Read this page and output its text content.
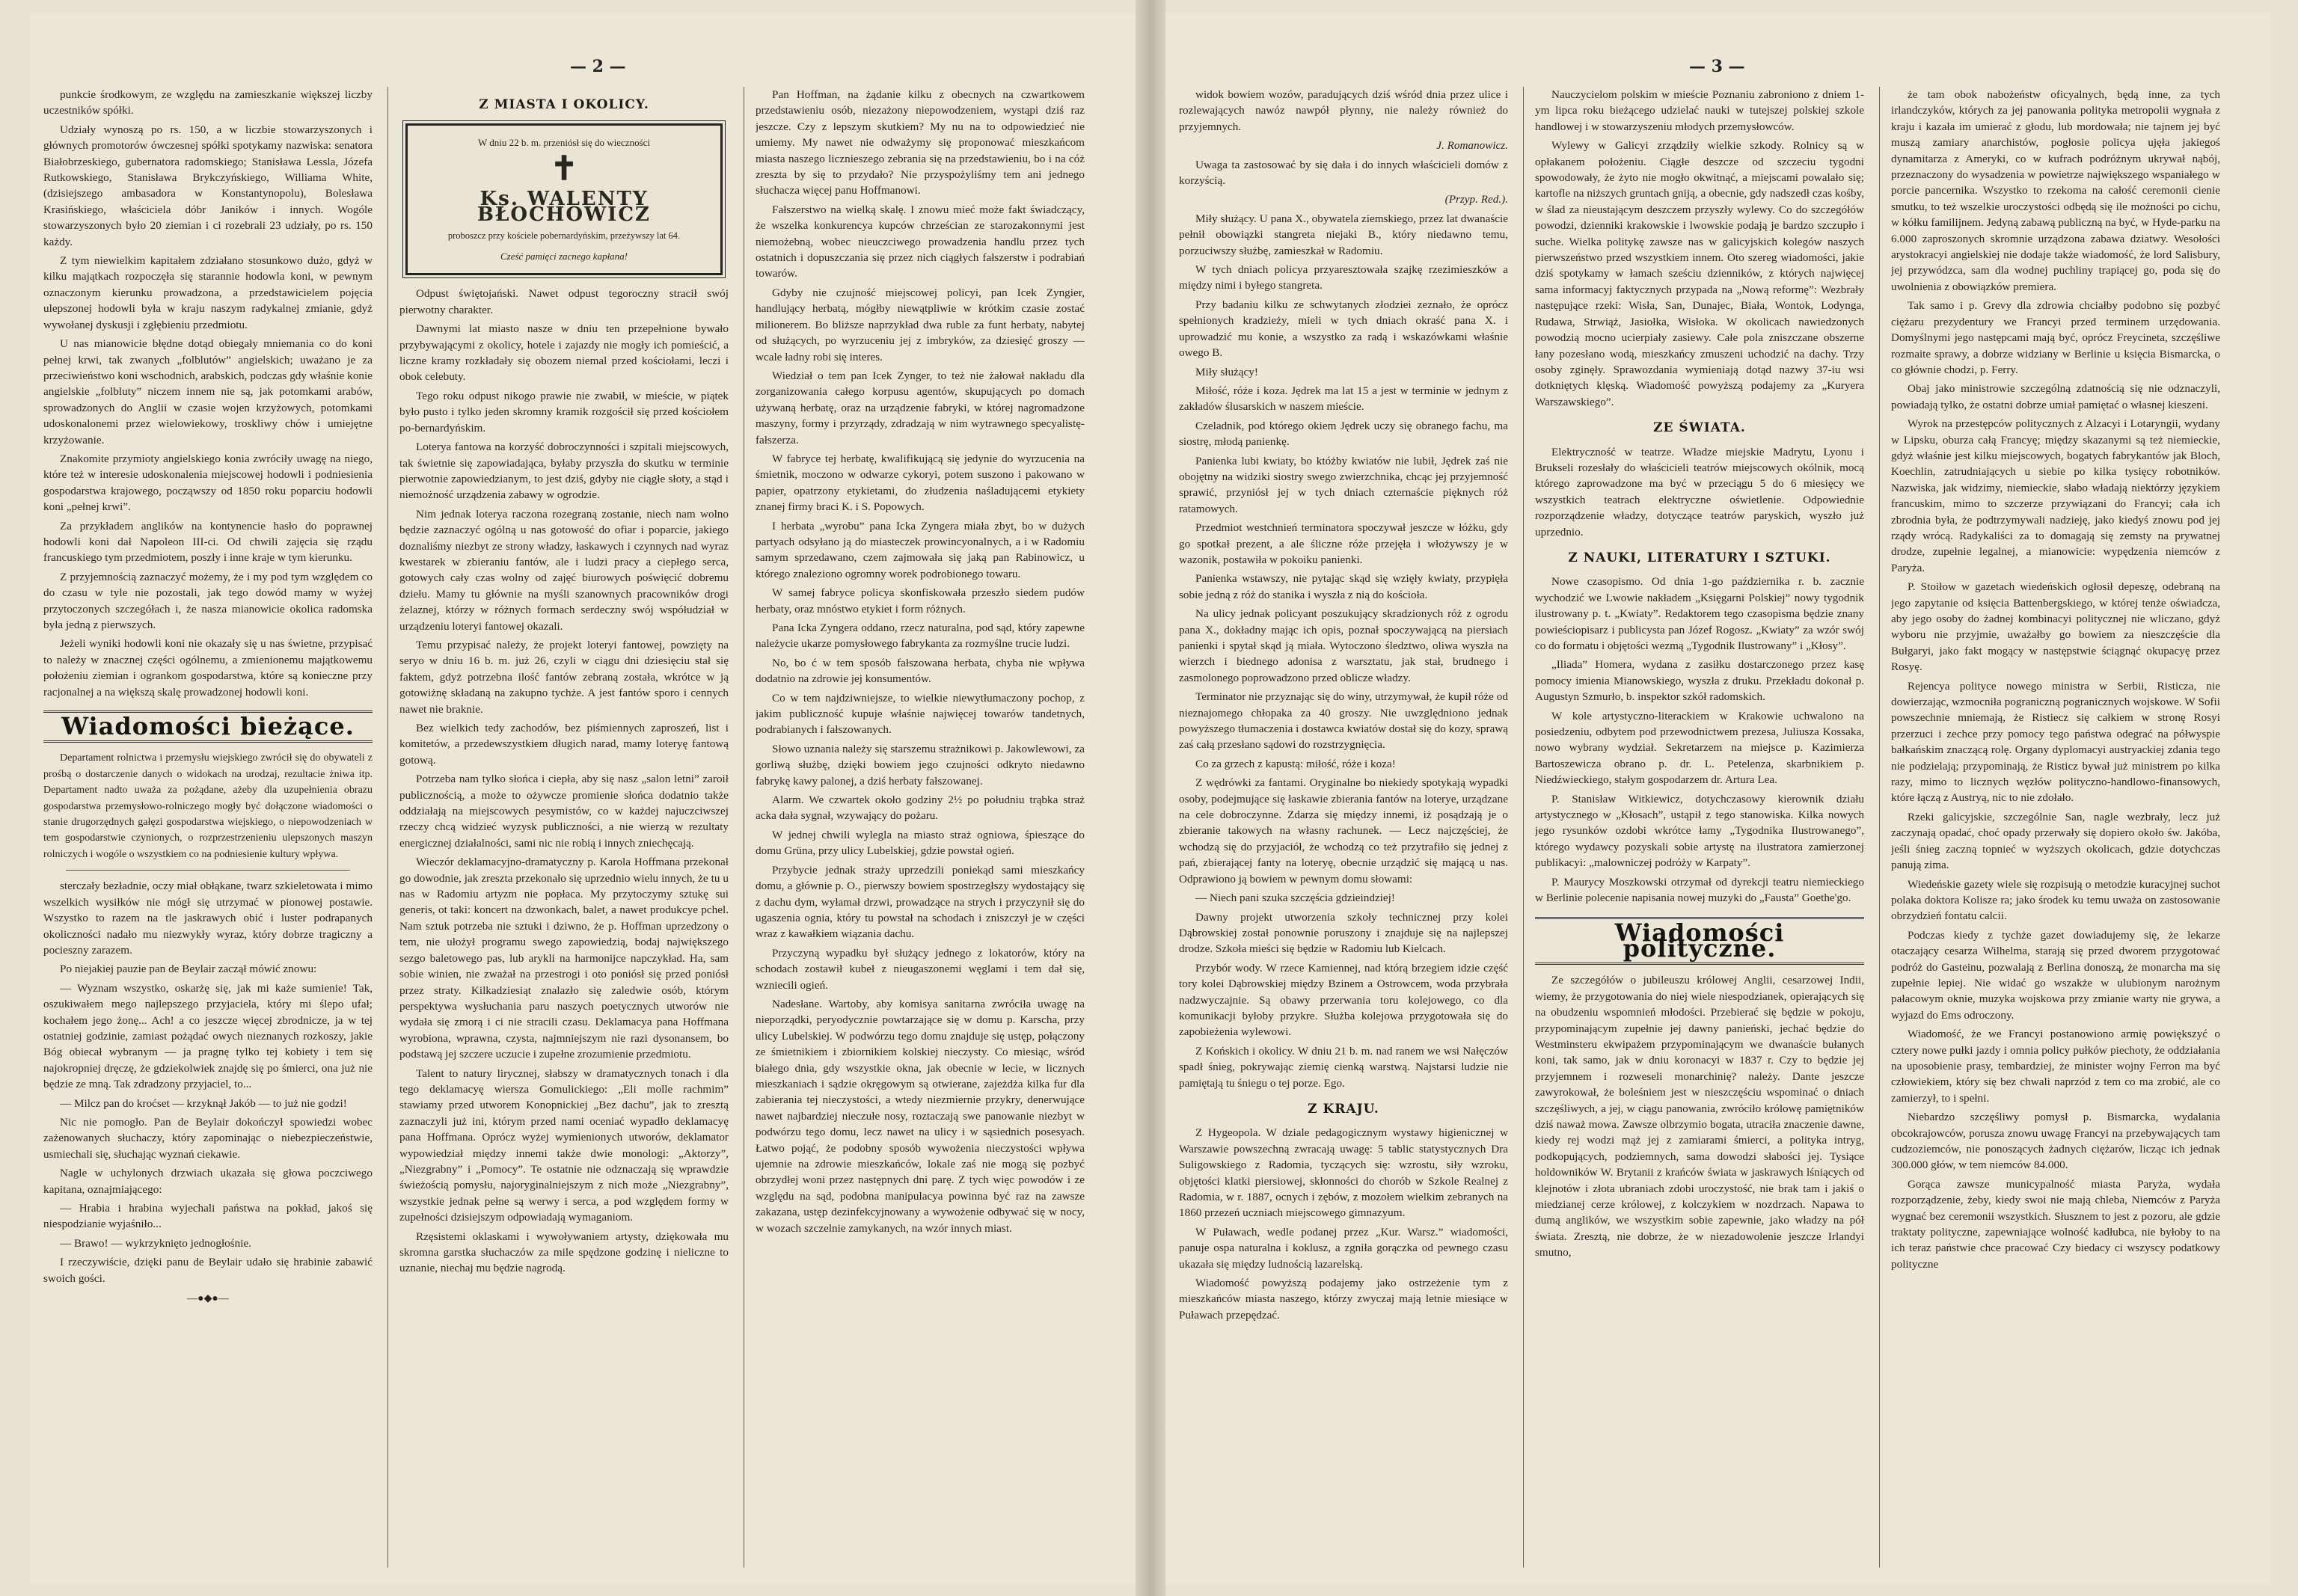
— 2 —

punkcie środkowym, ze względu na zamieszkanie większej liczby uczestników spółki.

Udziały wynoszą po rs. 150, a w liczbie stowarzyszonych i głównych promotorów ówczesnej spółki spotykamy nazwiska: senatora Białobrzeskiego, gubernatora radomskiego; Stanisława Lessla, Józefa Rutkowskiego, Stanisława Brykczyńskiego, Williama White, (dzisiejszego ambasadora w Konstantynopolu), Bolesława Krasińskiego, właściciela dóbr Janików i innych. Wogóle stowarzyszonych było 20 ziemian i ci rozebrali 23 udziały, po rs. 150 każdy.

Z tym niewielkim kapitałem zdziałano stosunkowo dużo, gdyż w kilku majątkach rozpoczęła się starannie hodowla koni, w pewnym oznaczonym kierunku prowadzona, a przedstawicielem pojęcia ulepszonej hodowli była w kraju naszym radykalnej zmianie, gdyż wywołanej dyskusji i zgłębieniu przedmiotu.

U nas mianowicie błędne dotąd obiegały mniemania co do koni pełnej krwi, tak zwanych „folblutów” angielskich; uważano je za przeciwieństwo koni wschodnich, arabskich, podczas gdy właśnie konie angielskie „folbluty” niczem innem nie są, jak potomkami arabów, sprowadzonych do Anglii w czasie wojen krzyżowych, potomkami udoskonalonemi przez wielowiekowy, troskliwy chów i umiejętne krzyżowanie.

Znakomite przymioty angielskiego konia zwróciły uwagę na niego, które też w interesie udoskonalenia miejscowej hodowli i podniesienia gospodarstwa krajowego, począwszy od 1850 roku poparciu hodowli koni „pełnej krwi”.

Za przykładem anglików na kontynencie hasło do poprawnej hodowli koni dał Napoleon III-ci. Od chwili zajęcia się rządu francuskiego tym przedmiotem, poszły i inne kraje w tym kierunku.

Z przyjemnością zaznaczyć możemy, że i my pod tym względem co do czasu w tyle nie pozostali, jak tego dowód mamy w wyżej przytoczonych szczegółach i, że nasza mianowicie okolica radomska była jedną z pierwszych.

Jeżeli wyniki hodowli koni nie okazały się u nas świetne, przypisać to należy w znacznej części ogólnemu, a zmienionemu majątkowemu położeniu ziemian i ogrankom gospodarstwa, które są konieczne przy racjonalnej a na większą skalę prowadzonej hodowli koni.

Wiadomości bieżące.

Departament rolnictwa i przemysłu wiejskiego zwrócił się do obywateli z prośbą o dostarczenie danych o widokach na urodzaj, rezultacie żniwa itp. Departament nadto uważa za pożądane, ażeby dla uzupełnienia obrazu gospodarstwa przemysłowo-rolniczego mogły być dołączone wiadomości o stanie drugorzędnych gałęzi gospodarstwa wiejskiego, o niepowodzeniach w tem gospodarstwie czynionych, o rozprzestrzenieniu ulepszonych maszyn rolniczych i wogóle o wszystkiem co na podniesienie kultury wpływa.

sterczały bezładnie, oczy miał obłąkane, twarz szkieletowata i mimo wszelkich wysiłków nie mógł się utrzymać w pionowej postawie. Wszystko to razem na tle jaskrawych obić i luster podrapanych okoliczności nadało mu niezwykły wyraz, który dobrze tragiczny a pocieszny zarazem.

Po niejakiej pauzie pan de Beylair zaczął mówić znowu:

— Wyznam wszystko, oskarżę się, jak mi każe sumienie! Tak, oszukiwałem mego najlepszego przyjaciela, który mi ślepo ufał; kochałem jego żonę... Ach! a co jeszcze więcej zbrodnicze, ja w tej ostatniej godzinie, zamiast pożądać owych nieznanych rozkoszy, jakie Bóg obiecał wybranym — ja pragnę tylko tej kobiety i tem się najokropniej dręczę, że gdziekolwiek znajdę się po śmierci, ona już nie będzie ze mną. Tak zdradzony przyjaciel, to...

— Milcz pan do kroćset — krzyknął Jakób — to już nie godzi!

Nic nie pomogło. Pan de Beylair dokończył spowiedzi wobec zażenowanych słuchaczy, który zapominając o niebezpieczeństwie, usmiechali się, słuchając wyznań ciekawie.

Nagle w uchylonych drzwiach ukazała się głowa poczciwego kapitana, oznajmiającego:

— Hrabia i hrabina wyjechali państwa na pokład, jakoś się niespodzianie wyjaśniło...

— Brawo! — wykrzyknięto jednogłośnie.

I rzeczywiście, dzięki panu de Beylair udało się hrabinie zabawić swoich gości.

—●◆●—
Z MIASTA I OKOLICY.
W dniu 22 b. m. przeniósł się do wieczności
✝
Ks. WALENTY BŁOCHOWICZ
proboszcz przy kościele pobernardyńskim, przeżywszy lat 64.
Cześć pamięci zacnego kapłana!

Odpust świętojański. Nawet odpust tegoroczny stracił swój pierwotny charakter.

Dawnymi lat miasto nasze w dniu ten przepełnione bywało przybywającymi z okolicy, hotele i zajazdy nie mogły ich pomieścić, a liczne kramy rozkładały się obozem niemal przed kościołami, leczi i obok celebuty.

Tego roku odpust nikogo prawie nie zwabił, w mieście, w piątek było pusto i tylko jeden skromny kramik rozgościł się przed kościołem po-bernardyńskim.

Loterya fantowa na korzyść dobroczynności i szpitali miejscowych, tak świetnie się zapowiadająca, byłaby przyszła do skutku w terminie pierwotnie zapowiedzianym, to jest dziś, gdyby nie ciągłe słoty, a stąd i niemożność urządzenia zabawy w ogrodzie.

Nim jednak loterya raczona rozegraną zostanie, niech nam wolno będzie zaznaczyć ogólną u nas gotowość do ofiar i poparcie, jakiego doznaliśmy niezbyt ze strony władzy, łaskawych i czynnych nad wyraz kwestarek w zbieraniu fantów, ale i ludzi pracy a ciepłego serca, gotowych cały czas wolny od zajęć biurowych poświęcić dobremu dziełu. Mamy tu głównie na myśli szanownych pracowników drogi żelaznej, którzy w różnych formach serdeczny swój współudział w urządzeniu loteryi fantowej okazali.

Temu przypisać należy, że projekt loteryi fantowej, powzięty na seryo w dniu 16 b. m. już 26, czyli w ciągu dni dziesięciu stał się faktem, gdyż potrzebna ilość fantów zebraną została, wkrótce w ją gotowiżnę składaną na zakupno tychże. A jest fantów sporo i cennych nawet nie braknie.

Bez wielkich tedy zachodów, bez piśmiennych zaproszeń, list i komitetów, a przedewszystkiem długich narad, mamy loteryę fantową gotową.

Potrzeba nam tylko słońca i ciepła, aby się nasz „salon letni” zaroił publicznością, a może to ożywcze promienie słońca dodatnio także oddziałają na miejscowych pesymistów, co w każdej najuczciwszej rzeczy chcą widzieć wyzysk publiczności, a nie wierzą w rezultaty energicznej działalności, sami nic nie robią i innych zniechęcają.

Wieczór deklamacyjno-dramatyczny p. Karola Hoffmana przekonał go dowodnie, jak zreszta przekonało się uprzednio wielu innych, że tu u nas w Radomiu artyzm nie popłaca. My przytoczymy sztukę sui generis, ot taki: koncert na dzwonkach, balet, a nawet produkcye pchel. Nam sztuk potrzeba nie sztuki i dziwno, że p. Hoffman uprzedzony o tem, nie ułożył programu swego zapowiedzią, bodaj największego sezgo baletowego pas, lub arykli na harmonijce napczykład. Ha, sam sobie winien, nie zważał na przestrogi i oto poniósł się przed poniósł przez straty. Kilkadziesiąt znalazło się zaledwie osób, którym perspektywa wysłuchania paru naszych poetycznych utworów nie wydała się zmorą i ci nie stracili czasu. Deklamacya pana Hoffmana wyrobiona, wprawna, czysta, najmniejszym nie razi dysonansem, bo podstawą jej szczere uczucie i zupełne zrozumienie przedmiotu.

Talent to natury lirycznej, słabszy w dramatycznych tonach i dla tego deklamacyę wiersza Gomulickiego: „Eli molle rachmim” stawiamy przed utworem Konopnickiej „Bez dachu”, jak to zresztą zaznaczyli już ini, którym przed nami oceniać wypadło deklamacyę pana Hoffmana. Oprócz wyżej wymienionych utworów, deklamator wypowiedział między innemi także dwie monologi: „Aktorzy”, „Niezgrabny” i „Pomocy”. Te ostatnie nie odznaczają się wprawdzie świeżością pomysłu, najoryginalniejszym z nich może „Niezgrabny”, wszystkie jednak pełne są werwy i serca, a pod względem formy w zupełności dzisiejszym odpowiadają wymaganiom.

Rzęsistemi oklaskami i wywoływaniem artysty, dziękowała mu skromna garstka słuchaczów za mile spędzone godzinę i nieliczne to uznanie, niechaj mu będzie nagrodą.

Pan Hoffman, na żądanie kilku z obecnych na czwartkowem przedstawieniu osób, niezażony niepowodzeniem, wystąpi dziś raz jeszcze. Czy z lepszym skutkiem? My nu na to odpowiedzieć nie umiemy. My nawet nie odważymy się proponować mieszkańcom miasta naszego licznieszego zebrania się na przedstawieniu, bo i na cóż zreszta by się to przydało? Nie przyspożyliśmy tem ani jednego słuchacza więcej panu Hoffmanowi.

Fałszerstwo na wielką skalę. I znowu mieć może fakt świadczący, że wszelka konkurencya kupców chrześcian ze starozakonnymi jest niemożebną, wobec nieuczciwego prowadzenia handlu przez tych ostatnich i dopuszczania się przez nich ciągłych fałszerstw i podrabiań towarów.

Gdyby nie czujność miejscowej policyi, pan Icek Zyngier, handlujący herbatą, mógłby niewątpliwie w krótkim czasie zostać milionerem. Bo bliższe naprzykład dwa ruble za funt herbaty, nabytej od służących, po wyrzuceniu jej z imbryków, za dziesięć groszy — wcale ładny robi się interes.

Wiedział o tem pan Icek Zynger, to też nie żałował nakładu dla zorganizowania całego korpusu agentów, skupujących po domach używaną herbatę, oraz na urządzenie fabryki, w której nagromadzone maszyny, formy i przyrządy, zdradzają w nim wytrawnego specyalistę-fałszerza.

W fabryce tej herbatę, kwalifikującą się jedynie do wyrzucenia na śmietnik, moczono w odwarze cykoryi, potem suszono i pakowano w papier, opatrzony etykietami, do złudzenia naśladującemi etykiety znanej firmy braci K. i S. Popowych.

I herbata „wyrobu” pana Icka Zyngera miała zbyt, bo w dużych partyach odsyłano ją do miasteczek prowincyonalnych, a i w Radomiu samym sprzedawano, czem zajmowała się jaką pan Rabinowicz, u którego znaleziono ogromny worek podrobionego towaru.

W samej fabryce policya skonfiskowała przeszło siedem pudów herbaty, oraz mnóstwo etykiet i form różnych.

Pana Icka Zyngera oddano, rzecz naturalna, pod sąd, który zapewne należycie ukarze pomysłowego fabrykanta za rozmyślne trucie ludzi.

No, bo ć w tem sposób fałszowana herbata, chyba nie wpływa dodatnio na zdrowie jej konsumentów.

Co w tem najdziwniejsze, to wielkie niewytłumaczony pochop, z jakim publiczność kupuje właśnie najwięcej towarów tandetnych, podrabianych i fałszowanych.

Słowo uznania należy się starszemu strażnikowi p. Jakowlewowi, za gorliwą służbę, dzięki bowiem jego czujności odkryto niedawno fabrykę kawy palonej, a dziś herbaty fałszowanej.

Alarm. We czwartek około godziny 2½ po południu trąbka straż acka dała sygnał, wzywający do pożaru.

W jednej chwili wylegla na miasto straż ogniowa, śpieszące do domu Grüna, przy ulicy Lubelskiej, gdzie powstał ogień.

Przybycie jednak straży uprzedzili poniekąd sami mieszkańcy domu, a głównie p. O., pierwszy bowiem spostrzegłszy wydostający się z dachu dym, wyłamał drzwi, prowadzące na strych i przyczynił się do ugaszenia ognia, który tu powstał na schodach i zniszczył je w części wraz z kawałkiem wiązania dachu.

Przyczyną wypadku był służący jednego z lokatorów, który na schodach zostawił kubeł z nieugaszonemi węglami i tem dał się, wzniecili ogień.

Nadesłane. Wartoby, aby komisya sanitarna zwróciła uwagę na nieporządki, peryodycznie powtarzające się w domu p. Karscha, przy ulicy Lubelskiej. W podwórzu tego domu znajduje się ustęp, połączony ze śmietnikiem i zbiornikiem kolskiej nieczysty. Co miesiąc, wśród białego dnia, gdy wszystkie okna, jak obecnie w lecie, w licznych mieszkaniach i sądzie okręgowym są otwierane, zajeżdża kilka fur dla zabierania tej nieczystości, a wtedy niezmiernie przykry, denerwujące nawet najbardziej nieczułe nosy, roztaczają swe panowanie niezbyt w podwórzu tego domu, lecz nawet na ulicy i w sąsiednich posesyach. Łatwo pojąć, że podobny sposób wywożenia nieczystości wpływa ujemnie na zdrowie mieszkańców, lokale zaś nie mogą się pozbyć obrzydłej woni przez następnych dni parę. Z tych więc powodów i ze względu na sąd, podobna manipulacya powinna być raz na zawsze zakazana, ustęp dezinfekcyjnowany a wywożenie odbywać się w nocy, w wozach szczelnie zamykanych, na wzór innych miast.

— 3 —

widok bowiem wozów, paradujących dziś wśród dnia przez ulice i rozlewających nawóz nawpół płynny, nie należy również do przyjemnych.

J. Romanowicz.

Uwaga ta zastosować by się dała i do innych właścicieli domów z korzyścią.

(Przyp. Red.).

Miły służący. U pana X., obywatela ziemskiego, przez lat dwanaście pełnił obowiązki stangreta niejaki B., który niedawno temu, porzuciwszy służbę, zamieszkał w Radomiu.

W tych dniach policya przyaresztowała szajkę rzezimieszków a między nimi i byłego stangreta.

Przy badaniu kilku ze schwytanych złodziei zeznało, że oprócz spełnionych kradzieży, mieli w tych dniach okraść pana X. i uprowadzić mu konie, a wszystko za radą i wskazówkami właśnie owego B.

Miły służący!

Miłość, róże i koza. Jędrek ma lat 15 a jest w terminie w jednym z zakładów ślusarskich w naszem mieście.

Czeladnik, pod którego okiem Jędrek uczy się obranego fachu, ma siostrę, młodą panienkę.

Panienka lubi kwiaty, bo któżby kwiatów nie lubił, Jędrek zaś nie obojętny na widziki siostry swego zwierzchnika, chcąc jej przyjemność sprawić, przyniósł jej w tych dniach czternaście pięknych róż ratamowych.

Przedmiot westchnień terminatora spoczywał jeszcze w łóżku, gdy go spotkał prezent, a ale śliczne róże przejęła i włożywszy je w wazonik, postawiła w pokoiku panienki.

Panienka wstawszy, nie pytając skąd się wzięły kwiaty, przypięła sobie jedną z róż do stanika i wyszła z nią do kościoła.

Na ulicy jednak policyant poszukujący skradzionych róż z ogrodu pana X., dokładny mając ich opis, poznał spoczywającą na piersiach panienki i spytał skąd ją miała. Wytoczono śledztwo, oliwa wyszła na wierzch i biednego adonisa z warsztatu, jak stał, brudnego i zasmolonego poprowadzono przed oblicze władzy.

Terminator nie przyznając się do winy, utrzymywał, że kupił róże od nieznajomego chłopaka za 40 groszy. Nie uwzględniono jednak powyższego tłumaczenia i dostawca kwiatów dostał się do kozy, sprawą zaś całą przesłano sądowi do rozstrzygnięcia.

Co za grzech z kapustą: miłość, róże i koza!

Z wędrówki za fantami. Oryginalne bo niekiedy spotykają wypadki osoby, podejmujące się łaskawie zbierania fantów na loterye, urządzane na cele dobroczynne. Zdarza się między innemi, iż posądzają je o zbieranie takowych na własny rachunek. — Lecz najczęściej, że wchodzą się do przyjaciół, że wchodzą co też przytrafiło się jednej z pań, zbierającej fanty na loteryę, obecnie urządzić się mającą u nas. Odprawiono ją bowiem w pewnym domu słowami:

— Niech pani szuka szczęścia gdzieindziej!

Dawny projekt utworzenia szkoły technicznej przy kolei Dąbrowskiej został ponownie poruszony i znajduje się na najlepszej drodze. Szkoła mieści się będzie w Radomiu lub Kielcach.

Przybór wody. W rzece Kamiennej, nad którą brzegiem idzie część tory kolei Dąbrowskiej między Bzinem a Ostrowcem, woda przybrała nadzwyczajnie. Są obawy przerwania toru kolejowego, co dla komunikacji byłoby przykre. Służba kolejowa przygotowała się do zapobieżenia wylewowi.

Z Końskich i okolicy. W dniu 21 b. m. nad ranem we wsi Nałęczów spadł śnieg, pokrywając ziemię cienką warstwą. Najstarsi ludzie nie pamiętają tu śniegu o tej porze. Ego.

Z KRAJU.

Z Hygeopola. W dziale pedagogicznym wystawy higienicznej w Warszawie powszechną zwracają uwagę: 5 tablic statystycznych Dra Suligowskiego z Radomia, tyczących się: wzrostu, siły wzroku, objętości klatki piersiowej, skłonności do chorób w Szkole Realnej z Radomia, w r. 1887, ocnych i zębów, z mozołem wielkim zebranych na 1860 przezeń uczniach miejscowego gimnazyum.

W Puławach, wedle podanej przez „Kur. Warsz.” wiadomości, panuje ospa naturalna i koklusz, a zgniła gorączka od pewnego czasu ukazała się między ludnością lazarelską.

Wiadomość powyższą podajemy jako ostrzeżenie tym z mieszkańców miasta naszego, którzy zwyczaj mają letnie miesiące w Puławach przepędzać.

Nauczycielom polskim w mieście Poznaniu zabroniono z dniem 1-ym lipca roku bieżącego udzielać nauki w tutejszej polskiej szkole handlowej i w stowarzyszeniu młodych przemysłowców.

Wylewy w Galicyi zrządziły wielkie szkody. Rolnicy są w opłakanem położeniu. Ciągłe deszcze od szczeciu tygodni spowodowały, że żyto nie mogło okwitnąć, a miejscami powalało się; kartofle na niższych gruntach gniją, a obecnie, gdy nadszedł czas kośby, w ślad za nieustającym deszczem przyszły wylewy. Co do szczegółów powodzi, dzienniki krakowskie i lwowskie podają je bardzo szczupło i suche. Wielka politykę zawsze nas w galicyjskich kolegów naszych pierwszeństwo przed wszystkiem innem. Oto szereg wiadomości, jakie dziś spotykamy w łamach sześciu dzienników, z których najwięcej sama informacyj faktycznych przypada na „Nową reformę”: Wezbrały następujące rzeki: Wisła, San, Dunajec, Biała, Wontok, Lodynga, Rudawa, Strwiąż, Jasiołka, Wisłoka. W okolicach nawiedzonych powodzią mocno ucierpiały zasiewy. Całe pola zniszczane obszerne łany pozesłano wodą, mieszkańcy zmuszeni uchodzić na dachy. Trzy osoby zginęły. Sprawozdania wymieniają dotąd nazwy 37-iu wsi dotkniętych klęską. Wiadomość powyższą podajemy za „Kuryera Warszawskiego”.

ZE ŚWIATA.

Elektryczność w teatrze. Władze miejskie Madrytu, Lyonu i Brukseli rozesłały do właścicieli teatrów miejscowych okólnik, mocą którego zaprowadzone ma być w przeciągu 5 do 6 miesięcy we wszystkich teatrach elektryczne oświetlenie. Odpowiednie rozporządzenie władzy, dotyczące teatrów paryskich, wyszło już uprzednio.

Z NAUKI, LITERATURY I SZTUKI.

Nowe czasopismo. Od dnia 1-go października r. b. zacznie wychodzić we Lwowie nakładem „Księgarni Polskiej” nowy tygodnik ilustrowany p. t. „Kwiaty”. Redaktorem tego czasopisma będzie znany powieściopisarz i publicysta pan Józef Rogosz. „Kwiaty” za wzór swój co do formatu i objętości wezmą „Tygodnik Ilustrowany” i „Kłosy”.

„Iliada” Homera, wydana z zasiłku dostarczonego przez kasę pomocy imienia Mianowskiego, wyszła z druku. Przekładu dokonał p. Augustyn Szmurło, b. inspektor szkół radomskich.

W kole artystyczno-literackiem w Krakowie uchwalono na posiedzeniu, odbytem pod przewodnictwem prezesa, Juliusza Kossaka, nowo wybrany wydział. Sekretarzem na miejsce p. Kazimierza Bartoszewicza obrano p. dr. L. Petelenza, skarbnikiem p. Niedźwieckiego, stałym gospodarzem dr. Artura Lea.

P. Stanisław Witkiewicz, dotychczasowy kierownik działu artystycznego w „Kłosach”, ustąpił z tego stanowiska. Kilka nowych jego rysunków ozdobi wkrótce łamy „Tygodnika Ilustrowanego”, którego wydawcy pozyskali sobie artystę na ilustratora zamierzonej publikacyi: „malowniczej podróży w Karpaty”.

P. Maurycy Moszkowski otrzymał od dyrekcji teatru niemieckiego w Berlinie polecenie napisania nowej muzyki do „Fausta” Goethe'go.

Wiadomości polityczne.

Ze szczegółów o jubileuszu królowej Anglii, cesarzowej Indii, wiemy, że przygotowania do niej wiele niespodzianek, opierających się na obudzeniu wspomnień młodości. Przebierać się będzie w pokoju, przypominającym zupełnie jej dawny panieński, jechać będzie do Westminsteru ekwipażem przypominającym we dwanaście bułanych koni, tak samo, jak w dniu koronacyi w 1837 r. Czy to będzie jej przyjemnem i rozweseli monarchinię? należy. Dante jeszcze zawyrokował, że boleśniem jest w nieszczęściu wspominać o dniach szczęśliwych, a jej, w ciągu panowania, zwróciło królowę pamiętników dziś naważ mowa. Zawsze olbrzymio bogata, utraciła znaczenie dawne, kiedy rej wodzi mąż jej z zamiarami śmierci, a polityka intryg, podkopujących, podziemnych, sama dowodzi słabości jej. Tysiące holdowników W. Brytanii z krańców świata w jaskrawych lśniących od klejnotów i złota ubraniach zdobi uroczystość, nie brak tam i jakiś o miedzianej cerze królowej, z kolczykiem w nozdrzach. Napawa to dumą anglików, we wszystkim sobie zapewnie, jako władzy na pół świata. Zresztą, nie dobrze, że w niezadowolenie jeszcze Irlandyi smutno,

że tam obok nabożeństw oficyalnych, będą inne, za tych irlandczyków, których za jej panowania polityka metropolii wygnała z kraju i kazała im umierać z głodu, lub mordowała; nie tajnem jej być muszą zamiary anarchistów, pogłosie policya ujęła jakiegoś dynamitarza z Ameryki, co w kufrach podróżnym ukrywał nąbój, przeznaczony do wysadzenia w powietrze największego wspaniałego w porcie pancernika. Wszystko to rzekoma na całość ceremonii cienie smutku, to też wszelkie uroczystości odbędą się ile możności po cichu, w kółku familijnem. Jedyną zabawą publiczną na być, w Hyde-parku na 6.000 zaproszonych skromnie urządzona zabawa dziatwy. Wesołości arystokracyi angielskiej nie dodaje także wiadomość, że lord Salisbury, jej przywódzca, sam dla wodnej puchliny trapiącej go, poda się do uwolnienia z obowiązków premiera.

Tak samo i p. Grevy dla zdrowia chciałby podobno się pozbyć ciężaru prezydentury we Francyi przed terminem urzędowania. Domyślnymi jego następcami mają być, oprócz Freycineta, szczęśliwe rozmaite sprawy, a dobrze widziany w Berlinie u księcia Bismarcka, o co głównie chodzi, p. Ferry.

Obaj jako ministrowie szczególną zdatnością się nie odznaczyli, powiadają tylko, że ostatni dobrze umiał pamiętać o własnej kieszeni.

Wyrok na przestępców politycznych z Alzacyi i Lotaryngii, wydany w Lipsku, oburza całą Francyę; między skazanymi są też niemieckie, gdyż właśnie jest kilku miejscowych, bogatych fabrykantów jak Bloch, Koechlin, zatrudniających u siebie po kilka tysięcy robotników. Nazwiska, jak widzimy, niemieckie, słabo władają niektórzy językiem francuskim, mimo to szczerze przywiązani do Francyi; cała ich zbrodnia była, że podtrzymywali nadzieję, jako kiedyś znowu pod jej rządy wrócą. Radykaliści za to domagają się zemsty na prywatnej drodze, zupełnie legalnej, a mianowicie: wypędzenia niemców z Paryża.

P. Stoiłow w gazetach wiedeńskich ogłosił depeszę, odebraną na jego zapytanie od księcia Battenbergskiego, w której tenże oświadcza, aby jego osoby do żadnej kombinacyi politycznej nie wliczano, gdyż wyboru nie przyjmie, uważałby go bowiem za nieszczęście dla Bułgaryi, jako fakt mogący w następstwie ściągnąć okupacyę przez Rosyę.

Rejencya polityce nowego ministra w Serbii, Risticza, nie dowierzając, wzmocniła pograniczną pogranicznych wojskowe. W Sofii powszechnie mniemają, że Ristiecz się całkiem w stronę Rosyi przerzuci i zechce przy pomocy tego państwa odegrać na półwyspie bałkańskim znaczącą rolę. Organy dyplomacyi austryackiej zdania tego nie podzielają; przypominają, że Risticz bywał już ministrem po kilka razy, mimo to licznych węzłów polityczno-handlowo-finansowych, które łączą z Austryą, nic to nie zdołało.

Rzeki galicyjskie, szczególnie San, nagle wezbrały, lecz już zaczynają opadać, choć opady przerwały się dopiero około św. Jakóba, jeśli śnieg zaczną topnieć w wyższych okolicach, gdzie dotychczas panują zima.

Wiedeńskie gazety wiele się rozpisują o metodzie kuracyjnej suchot polaka doktora Kolisze ra; jako środek ku temu uważa on zastosowanie obrzydzień fontatu calcii.

Podczas kiedy z tychże gazet dowiadujemy się, że lekarze otaczający cesarza Wilhelma, starają się przed dworem przygotować podróż do Gasteinu, pozwalają z Berlina donoszą, że monarcha ma się zupełnie lepiej. Nie widać go wszakże w ulubionym narożnym pałacowym oknie, muzyka wojskowa przy zmianie warty nie grywa, a wyjazd do Ems odroczony.

Wiadomość, że we Francyi postanowiono armię powiększyć o cztery nowe pułki jazdy i omnia policy pułków piechoty, że oddziałania na uposobienie prasy, tembardziej, że minister wojny Ferron ma być człowiekiem, który się bez chwali naprzód z tem co ma zrobić, ale co zamierzył, to i spełni.

Niebardzo szczęśliwy pomysł p. Bismarcka, wydalania obcokrajowców, porusza znowu uwagę Francyi na przebywających tam cudzoziemców, nie ponoszących żadnych ciężarów, licząc ich jednak 300.000 głów, w tem niemców 84.000.

Gorąca zawsze municypalność miasta Paryża, wydała rozporządzenie, żeby, kiedy swoi nie mają chleba, Niemców z Paryża wygnać bez ceremonii wszystkich. Słusznem to jest z pozoru, ale gdzie traktaty polityczne, zapewniające wolność kadłubca, nie byłoby to na ich teraz państwie chce pracować Czy biedacy ci wszyscy podatkowy polityczne
